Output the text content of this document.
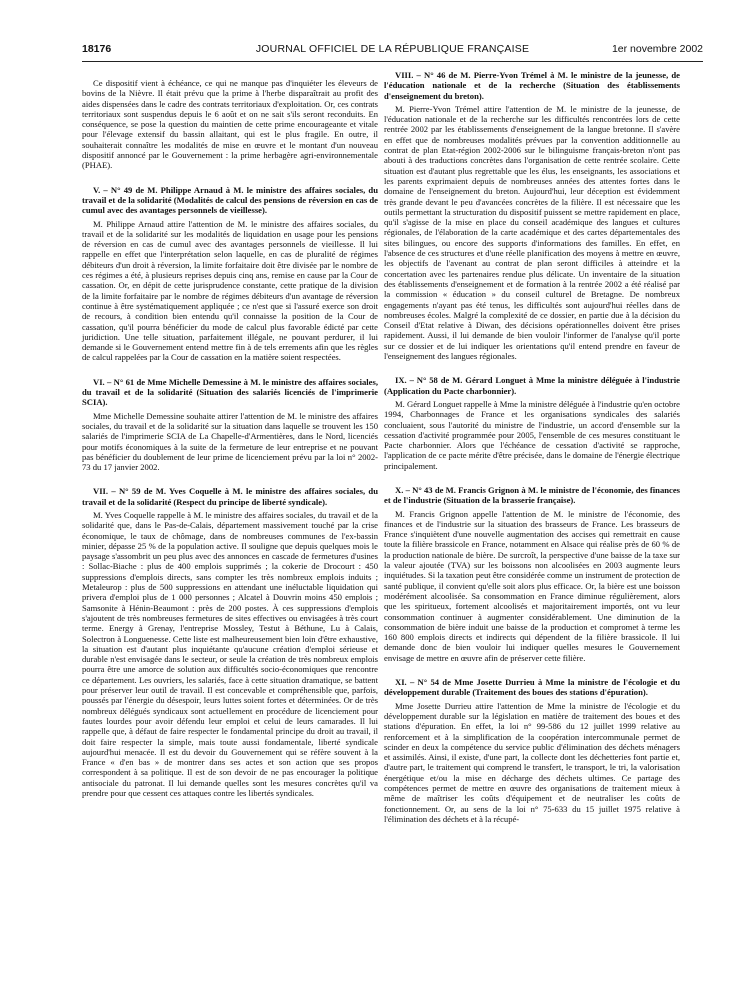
18176	JOURNAL OFFICIEL DE LA RÉPUBLIQUE FRANÇAISE	1er novembre 2002

Ce dispositif vient à échéance, ce qui ne manque pas d'inquiéter les éleveurs de bovins de la Nièvre. Il était prévu que la prime à l'herbe disparaîtrait au profit des aides dispensées dans le cadre des contrats territoriaux d'exploitation. Or, ces contrats territoriaux sont suspendus depuis le 6 août et on ne sait s'ils seront reconduits. En conséquence, se pose la question du maintien de cette prime encourageante et vitale pour l'élevage extensif du bassin allaitant, qui est le plus fragile. En outre, il souhaiterait connaître les modalités de mise en œuvre et le montant d'un nouveau dispositif annoncé par le Gouvernement : la prime herbagère agri-environnementale (PHAE).

V. – N° 49 de M. Philippe Arnaud à M. le ministre des affaires sociales, du travail et de la solidarité (Modalités de calcul des pensions de réversion en cas de cumul avec des avantages personnels de vieillesse).

M. Philippe Arnaud attire l'attention de M. le ministre des affaires sociales, du travail et de la solidarité sur les modalités de liquidation en usage pour les pensions de réversion en cas de cumul avec des avantages personnels de vieillesse. Il lui rappelle en effet que l'interprétation selon laquelle, en cas de pluralité de régimes débiteurs d'un droit à réversion, la limite forfaitaire doit être divisée par le nombre de ces régimes a été, à plusieurs reprises depuis cinq ans, remise en cause par la Cour de cassation. Or, en dépit de cette jurisprudence constante, cette pratique de la division de la limite forfaitaire par le nombre de régimes débiteurs d'un avantage de réversion continue à être systématiquement appliquée ; ce n'est que si l'assuré exerce son droit de recours, à condition bien entendu qu'il connaisse la position de la Cour de cassation, qu'il pourra bénéficier du mode de calcul plus favorable édicté par cette juridiction. Une telle situation, parfaitement illégale, ne pouvant perdurer, il lui demande si le Gouvernement entend mettre fin à de tels errements afin que les règles de calcul rappelées par la Cour de cassation en la matière soient respectées.

VI. – N° 61 de Mme Michelle Demessine à M. le ministre des affaires sociales, du travail et de la solidarité (Situation des salariés licenciés de l'imprimerie SCIA).

Mme Michelle Demessine souhaite attirer l'attention de M. le ministre des affaires sociales, du travail et de la solidarité sur la situation dans laquelle se trouvent les 150 salariés de l'imprimerie SCIA de La Chapelle-d'Armentières, dans le Nord, licenciés pour motifs économiques à la suite de la fermeture de leur entreprise et ne pouvant pas bénéficier du doublement de leur prime de licenciement prévu par la loi n° 2002-73 du 17 janvier 2002.

VII. – N° 59 de M. Yves Coquelle à M. le ministre des affaires sociales, du travail et de la solidarité (Respect du principe de liberté syndicale).

M. Yves Coquelle rappelle à M. le ministre des affaires sociales, du travail et de la solidarité que, dans le Pas-de-Calais, département massivement touché par la crise économique, le taux de chômage, dans de nombreuses communes de l'ex-bassin minier, dépasse 25 % de la population active. Il souligne que depuis quelques mois le paysage s'assombrit un peu plus avec des annonces en cascade de fermetures d'usines : Sollac-Biache : plus de 400 emplois supprimés ; la cokerie de Drocourt : 450 suppressions d'emplois directs, sans compter les très nombreux emplois induits ; Metaleurop : plus de 500 suppressions en attendant une inéluctable liquidation qui privera d'emploi plus de 1 000 personnes ; Alcatel à Douvrin moins 450 emplois ; Samsonite à Hénin-Beaumont : près de 200 postes. À ces suppressions d'emplois s'ajoutent de très nombreuses fermetures de sites effectives ou envisagées à très court terme. Energy à Grenay, l'entreprise Mossley, Testut à Béthune, Lu à Calais, Solectron à Longuenesse. Cette liste est malheureusement bien loin d'être exhaustive, la situation est d'autant plus inquiétante qu'aucune création d'emploi sérieuse et durable n'est envisagée dans le secteur, or seule la création de très nombreux emplois pourra être une amorce de solution aux difficultés socio-économiques que rencontre ce département. Les ouvriers, les salariés, face à cette situation dramatique, se battent pour préserver leur outil de travail. Il est concevable et compréhensible que, parfois, poussés par l'énergie du désespoir, leurs luttes soient fortes et déterminées. Or de très nombreux délégués syndicaux sont actuellement en procédure de licenciement pour fautes lourdes pour avoir défendu leur emploi et celui de leurs camarades. Il lui rappelle que, à défaut de faire respecter le fondamental principe du droit au travail, il doit faire respecter la simple, mais toute aussi fondamentale, liberté syndicale aujourd'hui menacée. Il est du devoir du Gouvernement qui se réfère souvent à la France « d'en bas » de montrer dans ses actes et son action que ses propos correspondent à sa politique. Il est de son devoir de ne pas encourager la politique antisociale du patronat. Il lui demande quelles sont les mesures concrètes qu'il va prendre pour que cessent ces attaques contre les libertés syndicales.

VIII. – N° 46 de M. Pierre-Yvon Trémel à M. le ministre de la jeunesse, de l'éducation nationale et de la recherche (Situation des établissements d'enseignement du breton).

M. Pierre-Yvon Trémel attire l'attention de M. le ministre de la jeunesse, de l'éducation nationale et de la recherche sur les difficultés rencontrées lors de cette rentrée 2002 par les établissements d'enseignement de la langue bretonne. Il s'avère en effet que de nombreuses modalités prévues par la convention additionnelle au contrat de plan Etat-région 2002-2006 sur le bilinguisme français-breton n'ont pas abouti à des traductions concrètes dans l'organisation de cette rentrée scolaire. Cette situation est d'autant plus regrettable que les élus, les enseignants, les associations et les parents exprimaient depuis de nombreuses années des attentes fortes dans le domaine de l'enseignement du breton. Aujourd'hui, leur déception est évidemment très grande devant le peu d'avancées concrètes de la filière. Il est nécessaire que les outils permettant la structuration du dispositif puissent se mettre rapidement en place, qu'il s'agisse de la mise en place du conseil académique des langues et cultures régionales, de l'élaboration de la carte académique et des cartes départementales des sites bilingues, ou encore des supports d'informations des familles. En effet, en l'absence de ces structures et d'une réelle planification des moyens à mettre en œuvre, les objectifs de l'avenant au contrat de plan seront difficiles à atteindre et la concertation avec les partenaires rendue plus délicate. Un inventaire de la situation des établissements d'enseignement et de formation à la rentrée 2002 a été réalisé par la commission « éducation » du conseil culturel de Bretagne. De nombreux engagements n'ayant pas été tenus, les difficultés sont aujourd'hui réelles dans de nombreuses écoles. Malgré la complexité de ce dossier, en partie due à la décision du Conseil d'Etat relative à Diwan, des décisions opérationnelles doivent être prises rapidement. Aussi, il lui demande de bien vouloir l'informer de l'analyse qu'il porte sur ce dossier et de lui indiquer les orientations qu'il entend prendre en faveur de l'enseignement des langues régionales.

IX. – N° 58 de M. Gérard Longuet à Mme la ministre déléguée à l'industrie (Application du Pacte charbonnier).

M. Gérard Longuet rappelle à Mme la ministre déléguée à l'industrie qu'en octobre 1994, Charbonnages de France et les organisations syndicales des salariés concluaient, sous l'autorité du ministre de l'industrie, un accord d'ensemble sur la cessation d'activité programmée pour 2005, l'ensemble de ces mesures constituant le Pacte charbonnier. Alors que l'échéance de cessation d'activité se rapproche, l'application de ce pacte mérite d'être précisée, dans le domaine de l'énergie électrique principalement.

X. – N° 43 de M. Francis Grignon à M. le ministre de l'économie, des finances et de l'industrie (Situation de la brasserie française).

M. Francis Grignon appelle l'attention de M. le ministre de l'économie, des finances et de l'industrie sur la situation des brasseurs de France. Les brasseurs de France s'inquiètent d'une nouvelle augmentation des accises qui remettrait en cause toute la filière brassicole en France, notamment en Alsace qui réalise près de 60 % de la production nationale de bière. De surcroît, la perspective d'une baisse de la taxe sur la valeur ajoutée (TVA) sur les boissons non alcoolisées en 2003 augmente leurs inquiétudes. Si la taxation peut être considérée comme un instrument de protection de santé publique, il convient qu'elle soit alors plus efficace. Or, la bière est une boisson modérément alcoolisée. Sa consommation en France diminue régulièrement, alors que les spiritueux, fortement alcoolisés et majoritairement importés, ont vu leur consommation continuer à augmenter considérablement. Une diminution de la consommation de bière induit une baisse de la production et compromet à terme les 160 800 emplois directs et indirects qui dépendent de la filière brassicole. Il lui demande donc de bien vouloir lui indiquer quelles mesures le Gouvernement envisage de mettre en œuvre afin de préserver cette filière.

XI. – N° 54 de Mme Josette Durrieu à Mme la ministre de l'écologie et du développement durable (Traitement des boues des stations d'épuration).

Mme Josette Durrieu attire l'attention de Mme la ministre de l'écologie et du développement durable sur la législation en matière de traitement des boues et des stations d'épuration. En effet, la loi n° 99-586 du 12 juillet 1999 relative au renforcement et à la simplification de la coopération intercommunale permet de scinder en deux la compétence du service public d'élimination des déchets ménagers et assimilés. Ainsi, il existe, d'une part, la collecte dont les déchetteries font partie et, d'autre part, le traitement qui comprend le transfert, le transport, le tri, la valorisation énergétique et/ou la mise en décharge des déchets ultimes. Ce partage des compétences permet de mettre en œuvre des organisations de traitement mieux à même de maîtriser les coûts d'équipement et de neutraliser les coûts de fonctionnement. Or, au sens de la loi n° 75-633 du 15 juillet 1975 relative à l'élimination des déchets et à la récupé-
